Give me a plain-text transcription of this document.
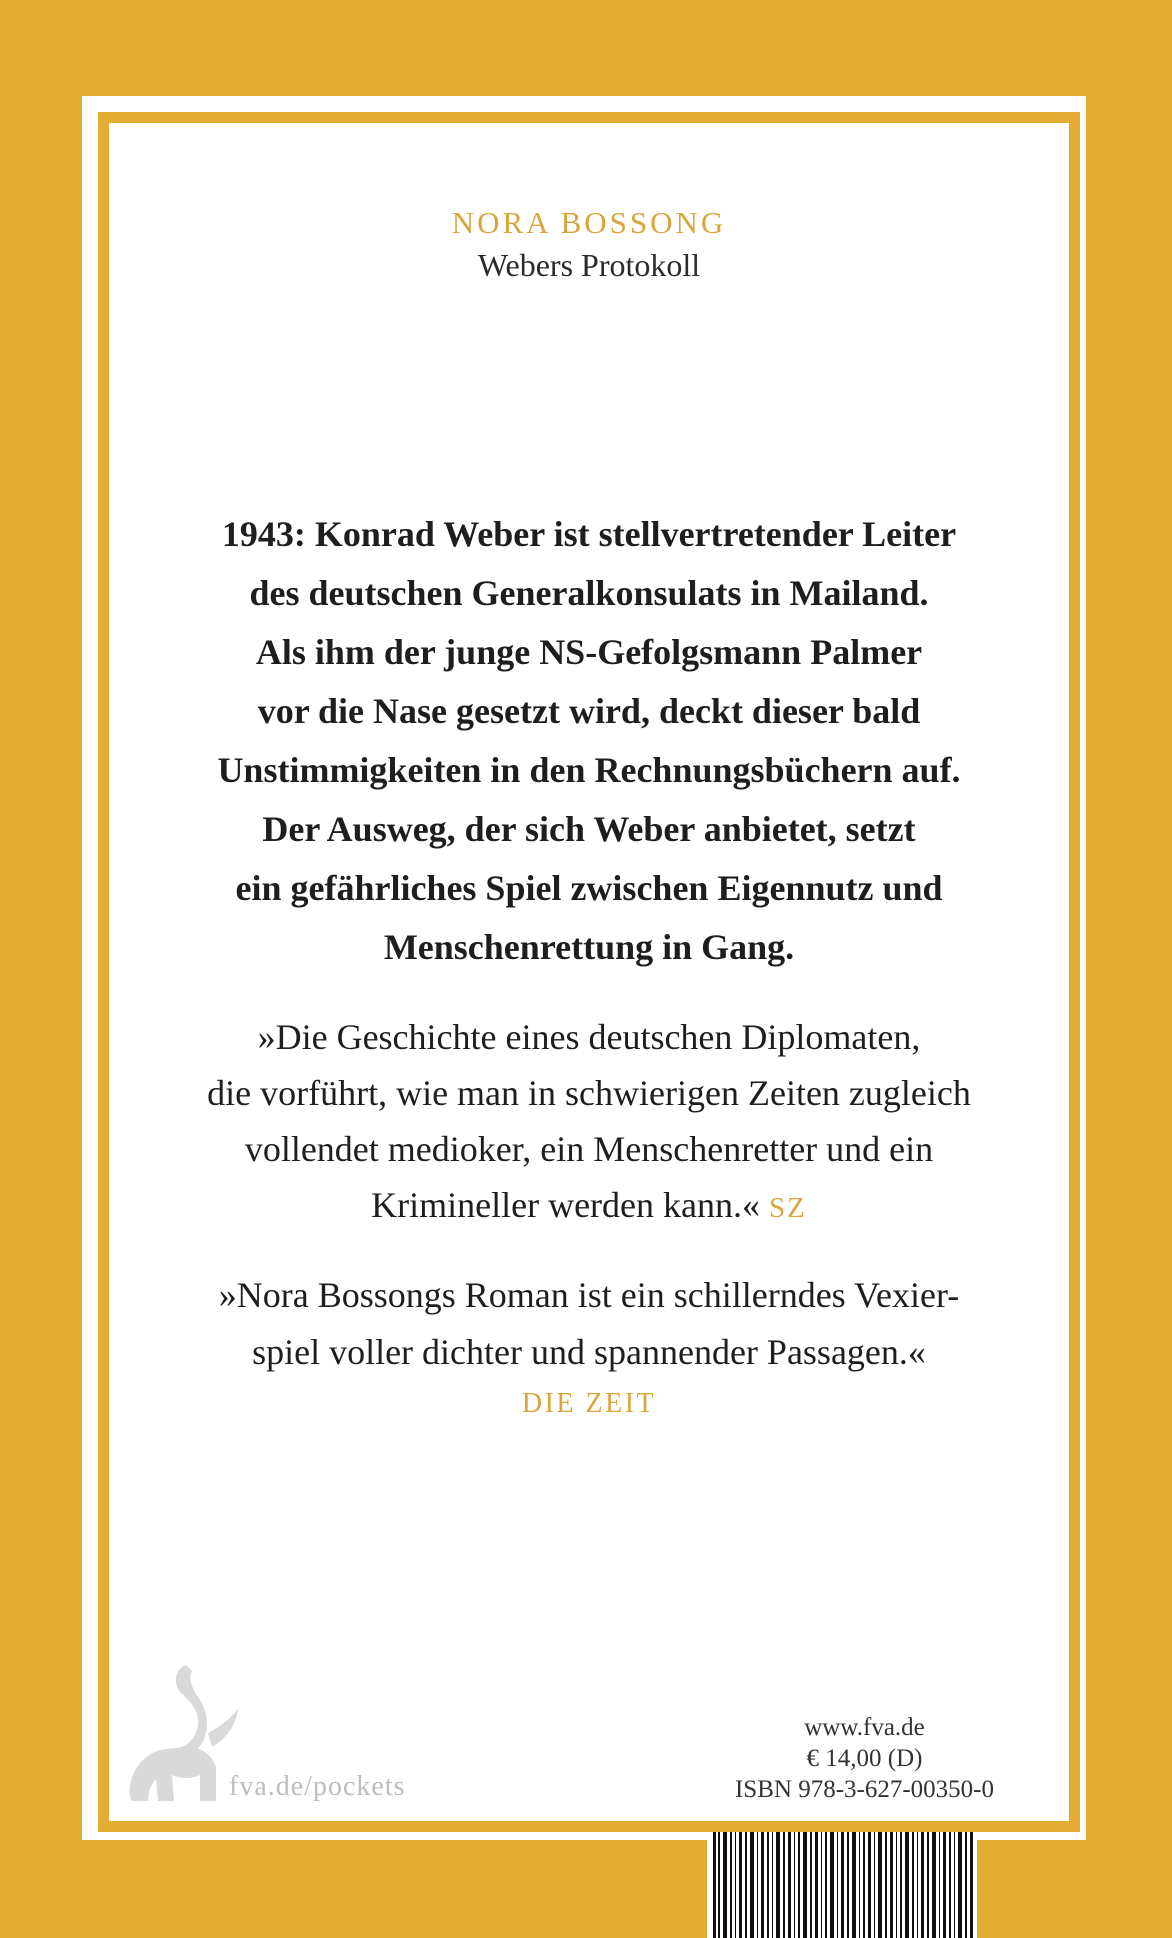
NORA BOSSONG
Webers Protokoll
1943: Konrad Weber ist stellvertretender Leiter
des deutschen Generalkonsulats in Mailand.
Als ihm der junge NS-Gefolgsmann Palmer
vor die Nase gesetzt wird, deckt dieser bald
Unstimmigkeiten in den Rechnungsbüchern auf.
Der Ausweg, der sich Weber anbietet, setzt
ein gefährliches Spiel zwischen Eigennutz und
Menschenrettung in Gang.
»Die Geschichte eines deutschen Diplomaten,
die vorführt, wie man in schwierigen Zeiten zugleich
vollendet medioker, ein Menschenretter und ein
Krimineller werden kann.« SZ
»Nora Bossongs Roman ist ein schillerndes Vexier-
spiel voller dichter und spannender Passagen.«
DIE ZEIT
fva.de/pockets
www.fva.de
€ 14,00 (D)
ISBN 978-3-627-00350-0
